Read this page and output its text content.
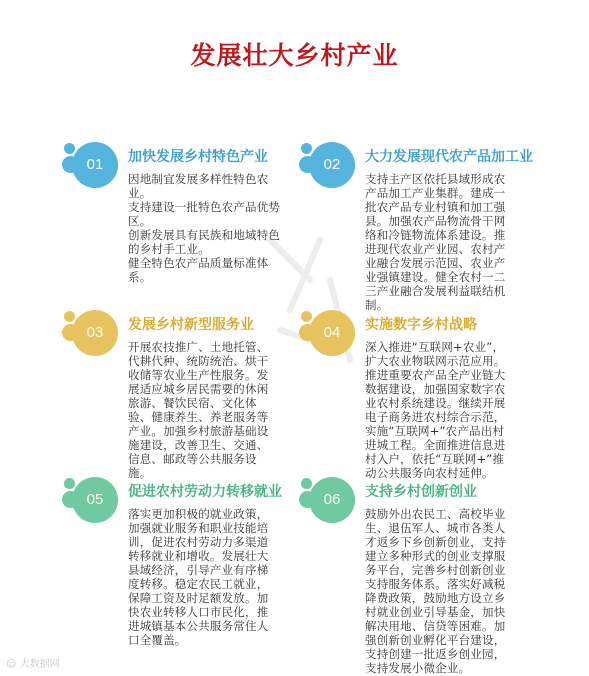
发展壮大乡村产业
01	加快发展乡村特色产业

因地制宜发展多样性特色农业。

支持建设一批特色农产品优势区。

创新发展具有民族和地域特色的乡村手工业。

健全特色农产品质量标准体系。

02	大力发展现代农产品加工业

支持主产区依托县域形成农产品加工产业集群。建成一批农产品专业村镇和加工强县。加强农产品物流骨干网络和冷链物流体系建设。推进现代农业产业园、农村产业融合发展示范园、农业产业强镇建设。健全农村一二三产业融合发展利益联结机制。

03	发展乡村新型服务业

开展农技推广、土地托管、代耕代种、统防统治、烘干收储等农业生产性服务。发展适应城乡居民需要的休闲旅游、餐饮民宿、文化体验、健康养生、养老服务等产业。加强乡村旅游基础设施建设，改善卫生、交通、信息、邮政等公共服务设施。

04	实施数字乡村战略

深入推进“互联网+农业”，扩大农业物联网示范应用。推进重要农产品全产业链大数据建设，加强国家数字农业农村系统建设。继续开展电子商务进农村综合示范，实施“互联网+”农产品出村进城工程。全面推进信息进村入户，依托“互联网+”推动公共服务向农村延伸。

05	促进农村劳动力转移就业

落实更加积极的就业政策，加强就业服务和职业技能培训，促进农村劳动力多渠道转移就业和增收。发展壮大县域经济，引导产业有序梯度转移。稳定农民工就业，保障工资及时足额发放。加快农业转移人口市民化，推进城镇基本公共服务常住人口全覆盖。

06	支持乡村创新创业

鼓励外出农民工、高校毕业生、退伍军人、城市各类人才返乡下乡创新创业，支持建立多种形式的创业支撑服务平台，完善乡村创新创业支持服务体系。落实好减税降费政策，鼓励地方设立乡村就业创业引导基金，加快解决用地、信贷等困难。加强创新创业孵化平台建设，支持创建一批返乡创业园，支持发展小微企业。

☺ 大数据网
